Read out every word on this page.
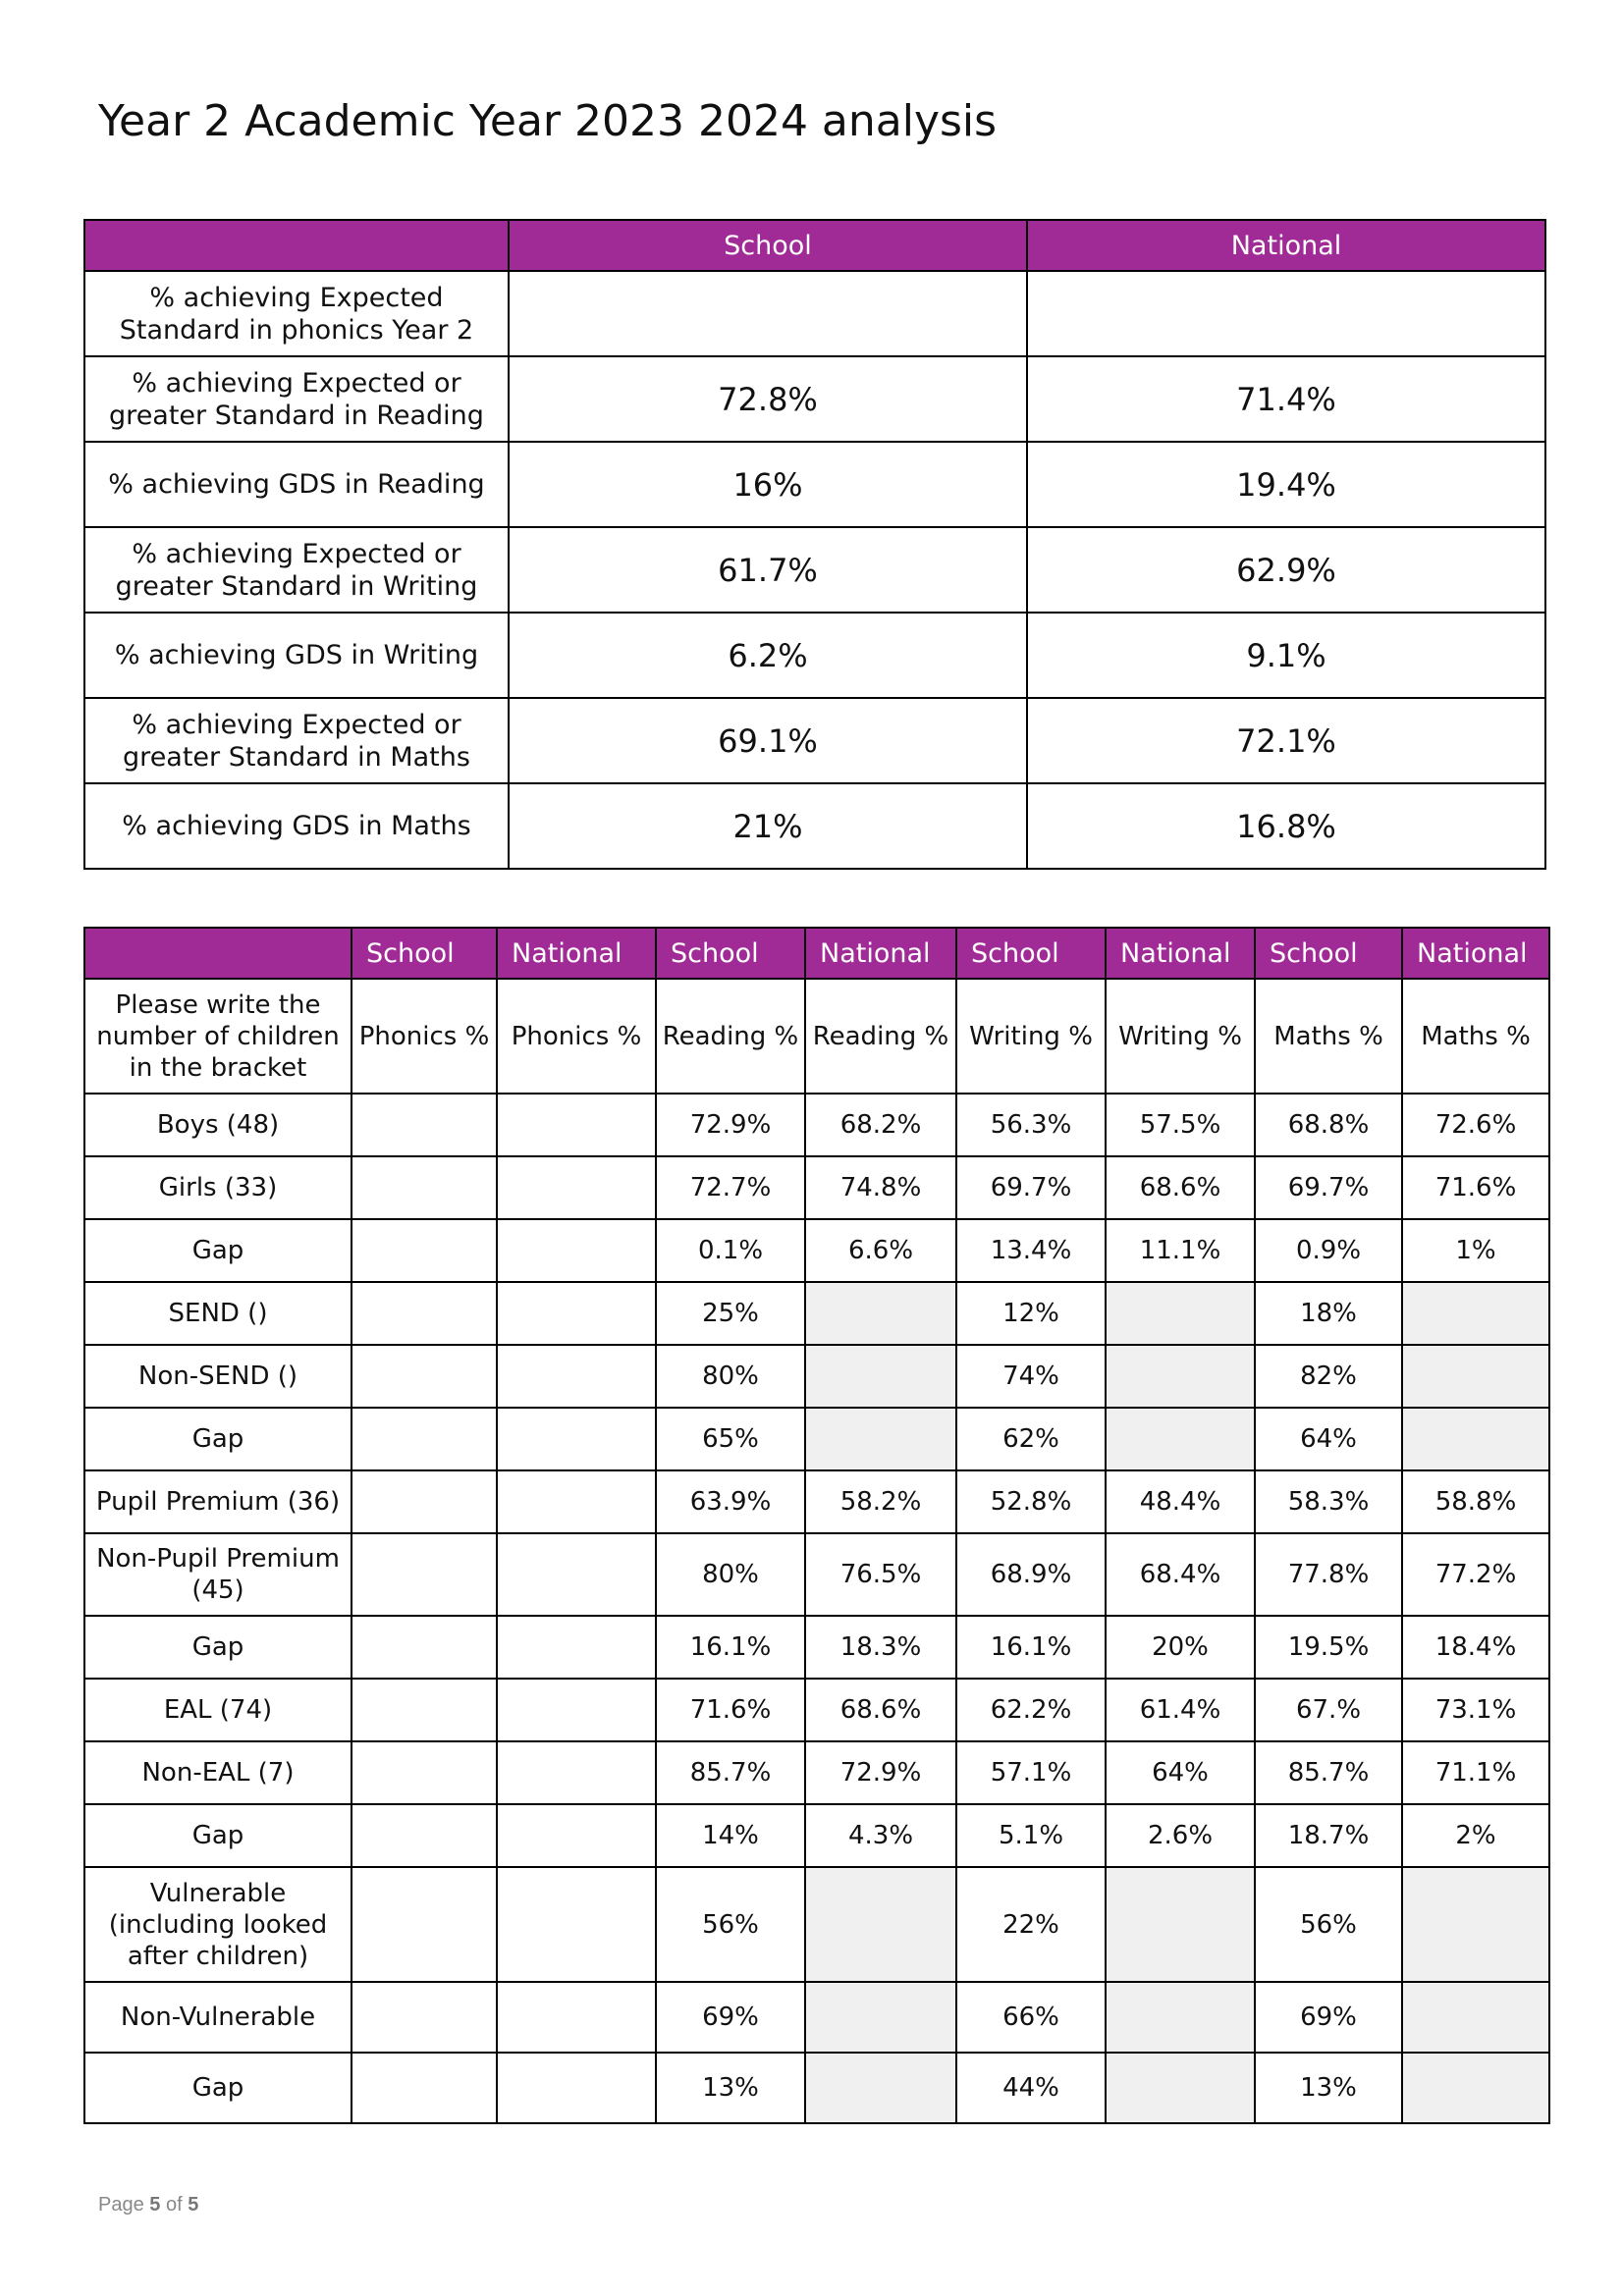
Year 2 Academic Year 2023 2024 analysis
	School	National
% achieving Expected Standard in phonics Year 2		
% achieving Expected or greater Standard in Reading	72.8%	71.4%
% achieving GDS in Reading	16%	19.4%
% achieving Expected or greater Standard in Writing	61.7%	62.9%
% achieving GDS in Writing	6.2%	9.1%
% achieving Expected or greater Standard in Maths	69.1%	72.1%
% achieving GDS in Maths	21%	16.8%
	School	National	School	National	School	National	School	National
Please write the number of children in the bracket	Phonics %	Phonics %	Reading %	Reading %	Writing %	Writing %	Maths %	Maths %
Boys (48)			72.9%	68.2%	56.3%	57.5%	68.8%	72.6%
Girls (33)			72.7%	74.8%	69.7%	68.6%	69.7%	71.6%
Gap			0.1%	6.6%	13.4%	11.1%	0.9%	1%
SEND ()			25%		12%		18%	
Non-SEND ()			80%		74%		82%	
Gap			65%		62%		64%	
Pupil Premium (36)			63.9%	58.2%	52.8%	48.4%	58.3%	58.8%
Non-Pupil Premium (45)			80%	76.5%	68.9%	68.4%	77.8%	77.2%
Gap			16.1%	18.3%	16.1%	20%	19.5%	18.4%
EAL (74)			71.6%	68.6%	62.2%	61.4%	67.%	73.1%
Non-EAL (7)			85.7%	72.9%	57.1%	64%	85.7%	71.1%
Gap			14%	4.3%	5.1%	2.6%	18.7%	2%
Vulnerable (including looked after children)			56%		22%		56%	
Non-Vulnerable			69%		66%		69%	
Gap			13%		44%		13%	
Page 5 of 5
